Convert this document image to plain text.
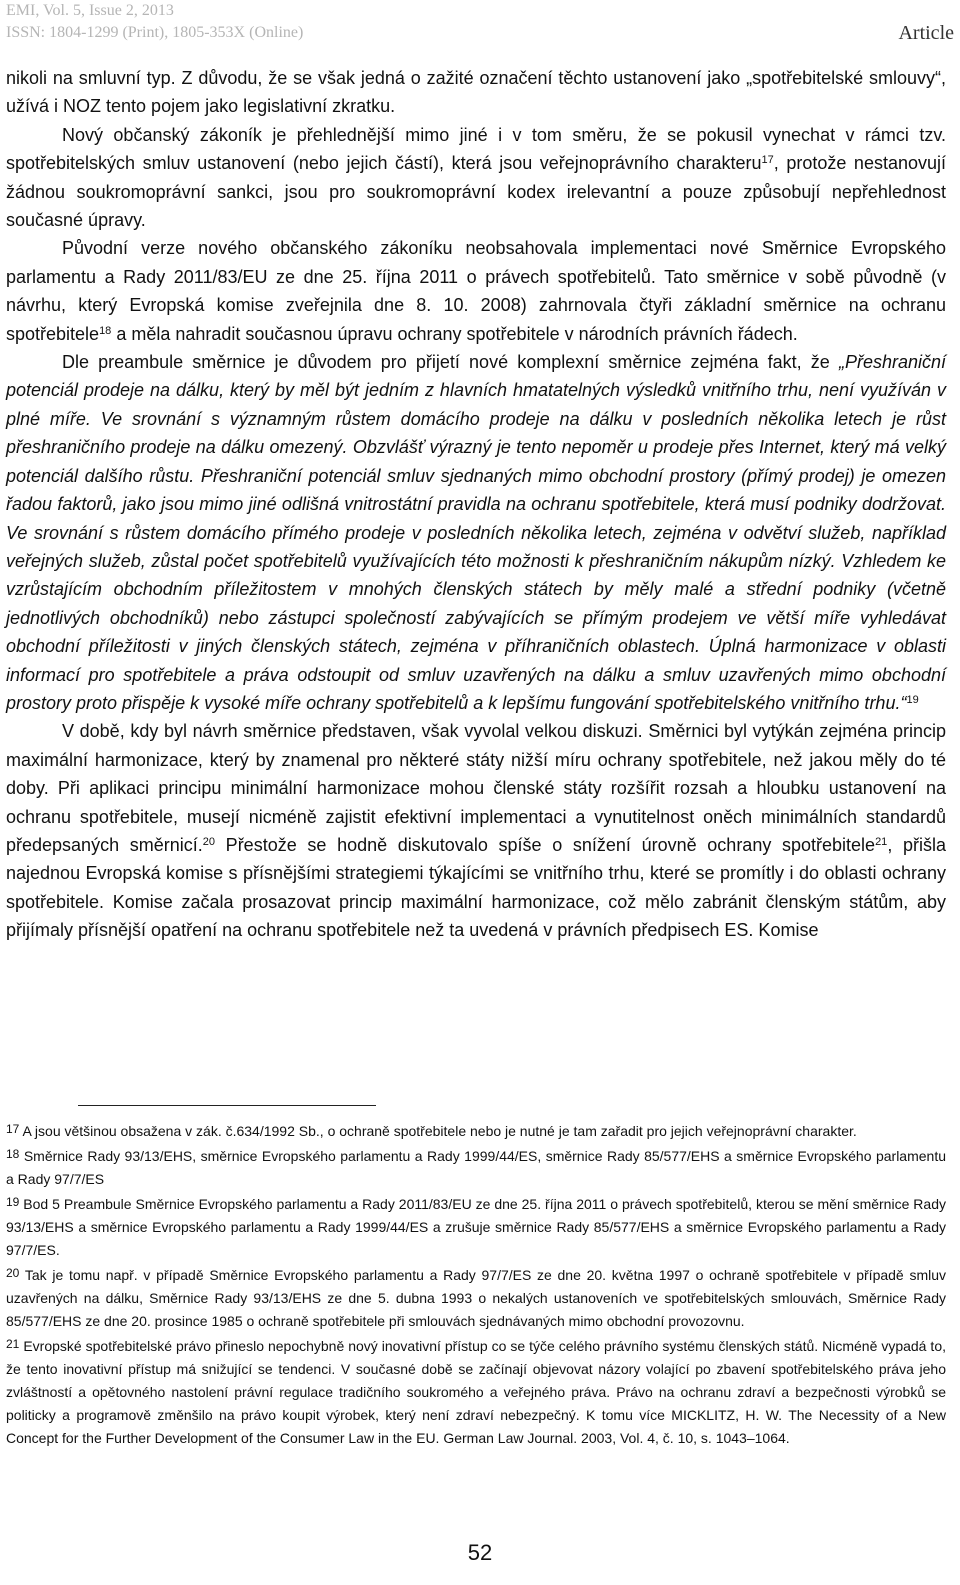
EMI, Vol. 5, Issue 2, 2013
ISSN: 1804-1299 (Print), 1805-353X (Online)	Article

nikoli na smluvní typ. Z důvodu, že se však jedná o zažité označení těchto ustanovení jako „spotřebitelské smlouvy“, užívá i NOZ tento pojem jako legislativní zkratku.

Nový občanský zákoník je přehlednější mimo jiné i v tom směru, že se pokusil vynechat v rámci tzv. spotřebitelských smluv ustanovení (nebo jejich částí), která jsou veřejnoprávního charakteru$^{17}$, protože nestanovují žádnou soukromoprávní sankci, jsou pro soukromoprávní kodex irelevantní a pouze způsobují nepřehlednost současné úpravy.

Původní verze nového občanského zákoníku neobsahovala implementaci nové Směrnice Evropského parlamentu a Rady 2011/83/EU ze dne 25. října 2011 o právech spotřebitelů. Tato směrnice v sobě původně (v návrhu, který Evropská komise zveřejnila dne 8. 10. 2008) zahrnovala čtyři základní směrnice na ochranu spotřebitele$^{18}$ a měla nahradit současnou úpravu ochrany spotřebitele v národních právních řádech.

Dle preambule směrnice je důvodem pro přijetí nové komplexní směrnice zejména fakt, že „Přeshraniční potenciál prodeje na dálku, který by měl být jedním z hlavních hmatatelných výsledků vnitřního trhu, není využíván v plné míře. Ve srovnání s významným růstem domácího prodeje na dálku v posledních několika letech je růst přeshraničního prodeje na dálku omezený. Obzvlášť výrazný je tento nepoměr u prodeje přes Internet, který má velký potenciál dalšího růstu. Přeshraniční potenciál smluv sjednaných mimo obchodní prostory (přímý prodej) je omezen řadou faktorů, jako jsou mimo jiné odlišná vnitrostátní pravidla na ochranu spotřebitele, která musí podniky dodržovat. Ve srovnání s růstem domácího přímého prodeje v posledních několika letech, zejména v odvětví služeb, například veřejných služeb, zůstal počet spotřebitelů využívajících této možnosti k přeshraničním nákupům nízký. Vzhledem ke vzrůstajícím obchodním příležitostem v mnohých členských státech by měly malé a střední podniky (včetně jednotlivých obchodníků) nebo zástupci společností zabývajících se přímým prodejem ve větší míře vyhledávat obchodní příležitosti v jiných členských státech, zejména v příhraničních oblastech. Úplná harmonizace v oblasti informací pro spotřebitele a práva odstoupit od smluv uzavřených na dálku a smluv uzavřených mimo obchodní prostory proto přispěje k vysoké míře ochrany spotřebitelů a k lepšímu fungování spotřebitelského vnitřního trhu.“$^{19}$

V době, kdy byl návrh směrnice představen, však vyvolal velkou diskuzi. Směrnici byl vytýkán zejména princip maximální harmonizace, který by znamenal pro některé státy nižší míru ochrany spotřebitele, než jakou měly do té doby. Při aplikaci principu minimální harmonizace mohou členské státy rozšířit rozsah a hloubku ustanovení na ochranu spotřebitele, musejí nicméně zajistit efektivní implementaci a vynutitelnost oněch minimálních standardů předepsaných směrnicí.$^{20}$ Přestože se hodně diskutovalo spíše o snížení úrovně ochrany spotřebitele$^{21}$, přišla najednou Evropská komise s přísnějšími strategiemi týkajícími se vnitřního trhu, které se promítly i do oblasti ochrany spotřebitele. Komise začala prosazovat princip maximální harmonizace, což mělo zabránit členským státům, aby přijímaly přísnější opatření na ochranu spotřebitele než ta uvedená v právních předpisech ES. Komise

17 A jsou většinou obsažena v zák. č.634/1992 Sb., o ochraně spotřebitele nebo je nutné je tam zařadit pro jejich veřejnoprávní charakter.

18 Směrnice Rady 93/13/EHS, směrnice Evropského parlamentu a Rady 1999/44/ES, směrnice Rady 85/577/EHS a směrnice Evropského parlamentu a Rady 97/7/ES

19 Bod 5 Preambule Směrnice Evropského parlamentu a Rady 2011/83/EU ze dne 25. října 2011 o právech spotřebitelů, kterou se mění směrnice Rady 93/13/EHS a směrnice Evropského parlamentu a Rady 1999/44/ES a zrušuje směrnice Rady 85/577/EHS a směrnice Evropského parlamentu a Rady 97/7/ES.

20 Tak je tomu např. v případě Směrnice Evropského parlamentu a Rady 97/7/ES ze dne 20. května 1997 o ochraně spotřebitele v případě smluv uzavřených na dálku, Směrnice Rady 93/13/EHS ze dne 5. dubna 1993 o nekalých ustanoveních ve spotřebitelských smlouvách, Směrnice Rady 85/577/EHS ze dne 20. prosince 1985 o ochraně spotřebitele při smlouvách sjednávaných mimo obchodní provozovnu.

21 Evropské spotřebitelské právo přineslo nepochybně nový inovativní přístup co se týče celého právního systému členských států. Nicméně vypadá to, že tento inovativní přístup má snižující se tendenci. V současné době se začínají objevovat názory volající po zbavení spotřebitelského práva jeho zvláštností a opětovného nastolení právní regulace tradičního soukromého a veřejného práva. Právo na ochranu zdraví a bezpečnosti výrobků se politicky a programově změnšilo na právo koupit výrobek, který není zdraví nebezpečný. K tomu více MICKLITZ, H. W. The Necessity of a New Concept for the Further Development of the Consumer Law in the EU. German Law Journal. 2003, Vol. 4, č. 10, s. 1043–1064.

52
